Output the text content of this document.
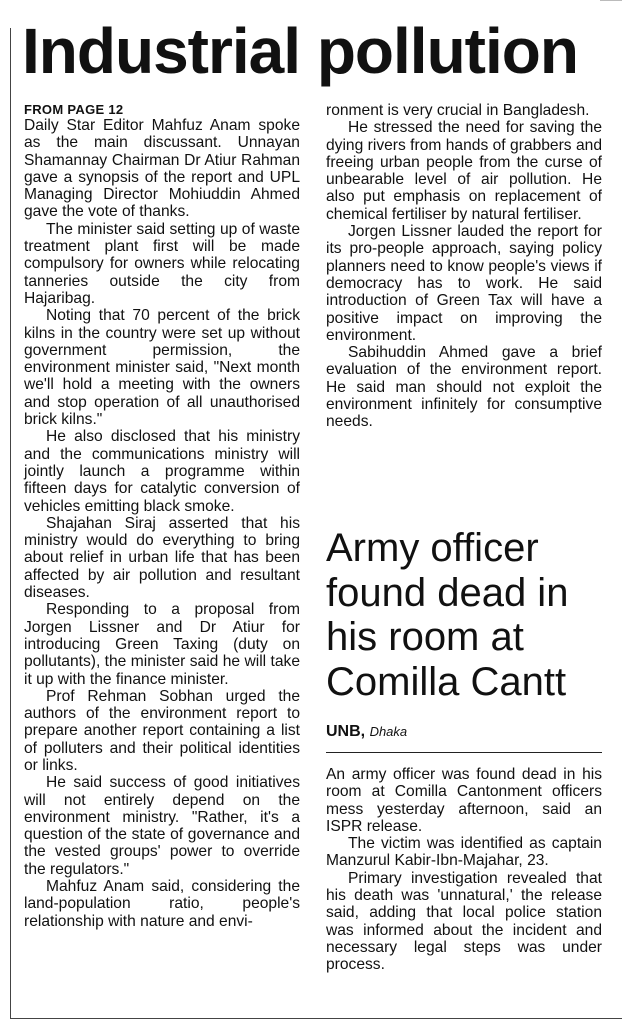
Industrial pollution
FROM PAGE 12

Daily Star Editor Mahfuz Anam spoke as the main discussant. Unnayan Shamannay Chairman Dr Atiur Rahman gave a synopsis of the report and UPL Managing Director Mohiuddin Ahmed gave the vote of thanks.

The minister said setting up of waste treatment plant first will be made compulsory for owners while relocating tanneries outside the city from Hajaribag.

Noting that 70 percent of the brick kilns in the country were set up without government permission, the environment minister said, "Next month we'll hold a meeting with the owners and stop operation of all unauthorised brick kilns."

He also disclosed that his ministry and the communications ministry will jointly launch a programme within fifteen days for catalytic conversion of vehicles emitting black smoke.

Shajahan Siraj asserted that his ministry would do everything to bring about relief in urban life that has been affected by air pollution and resultant diseases.

Responding to a proposal from Jorgen Lissner and Dr Atiur for introducing Green Taxing (duty on pollutants), the minister said he will take it up with the finance minister.

Prof Rehman Sobhan urged the authors of the environment report to prepare another report containing a list of polluters and their political identities or links.

He said success of good initiatives will not entirely depend on the environment ministry. "Rather, it's a question of the state of governance and the vested groups' power to override the regulators."

Mahfuz Anam said, considering the land-population ratio, people's relationship with nature and envi-

ronment is very crucial in Bangladesh.

He stressed the need for saving the dying rivers from hands of grabbers and freeing urban people from the curse of unbearable level of air pollution. He also put emphasis on replacement of chemical fertiliser by natural fertiliser.

Jorgen Lissner lauded the report for its pro-people approach, saying policy planners need to know people's views if democracy has to work. He said introduction of Green Tax will have a positive impact on improving the environment.

Sabihuddin Ahmed gave a brief evaluation of the environment report. He said man should not exploit the environment infinitely for consumptive needs.

Army officer found dead in his room at Comilla Cantt
UNB, Dhaka

An army officer was found dead in his room at Comilla Cantonment officers mess yesterday afternoon, said an ISPR release.

The victim was identified as captain Manzurul Kabir-Ibn-Majahar, 23.

Primary investigation revealed that his death was 'unnatural,' the release said, adding that local police station was informed about the incident and necessary legal steps was under process.
